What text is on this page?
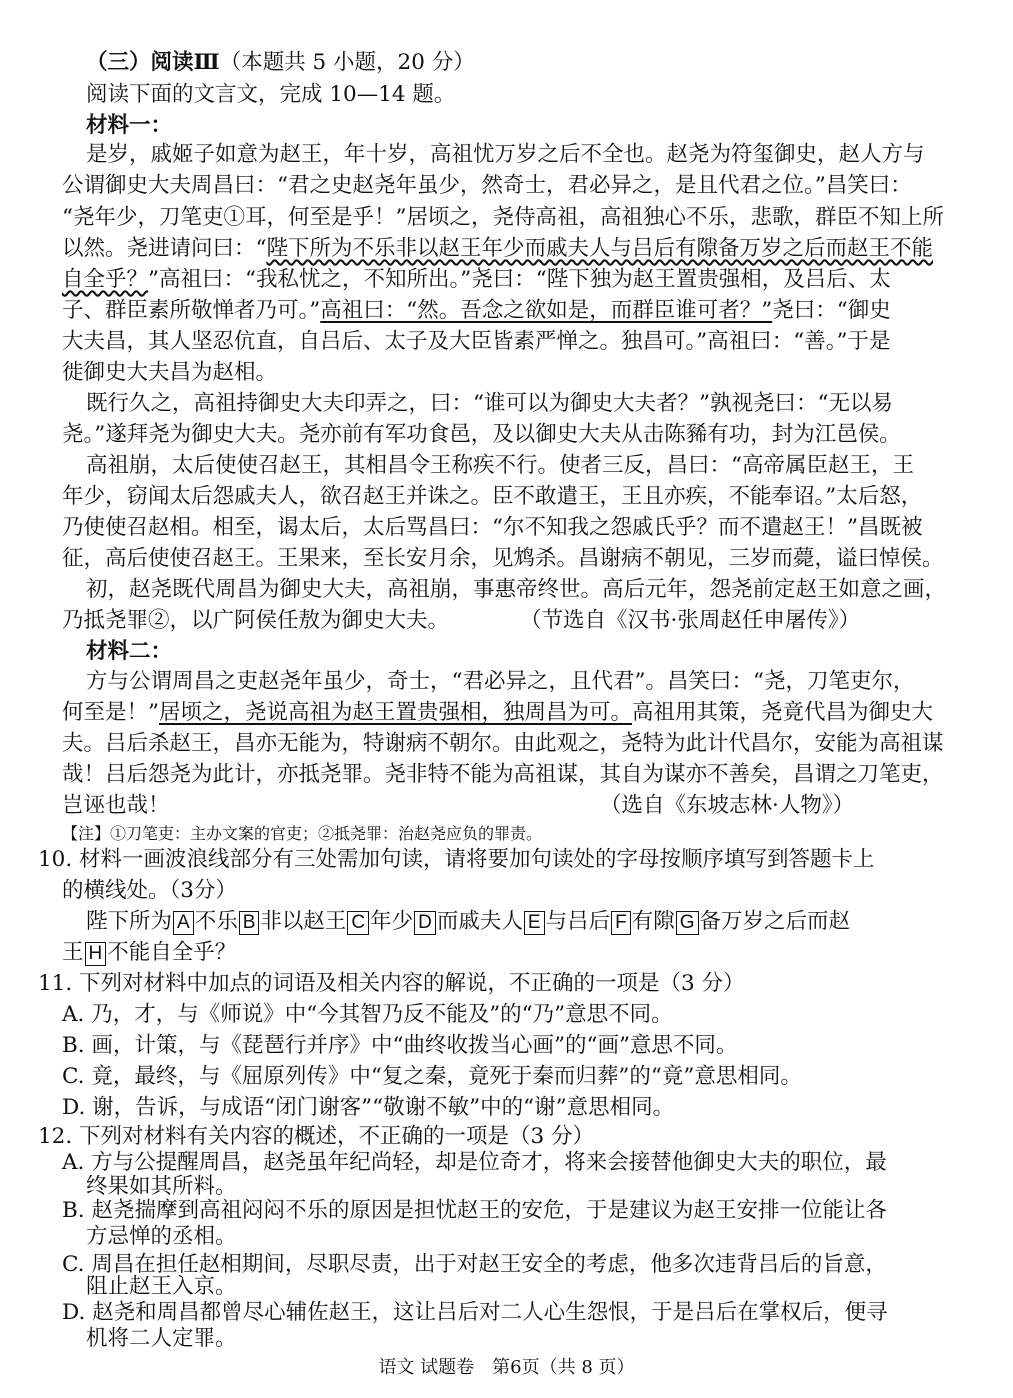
（三）阅读Ⅲ（本题共 5 小题，20 分）
阅读下面的文言文，完成 10—14 题。
材料一：
是岁，戚姬子如意为赵王，年十岁，高祖忧万岁之后不全也。赵尧为符玺御史，赵人方与
公谓御史大夫周昌曰：“君之史赵尧年虽少，然奇士，君必异之，是且代君之位。”昌笑曰：
“尧年少，刀笔吏①耳，何至是乎！”居顷之，尧侍高祖，高祖独心不乐，悲歌，群臣不知上所
以然。尧进请问曰：“陛下所为不乐非以赵王年少而戚夫人与吕后有隙备万岁之后而赵王不能
自全乎？”高祖曰：“我私忧之，不知所出。”尧曰：“陛下独为赵王置贵强相，及吕后、太
子、群臣素所敬惮者乃可。”高祖曰：“然。吾念之欲如是，而群臣谁可者？”尧曰：“御史
大夫昌，其人坚忍伉直，自吕后、太子及大臣皆素严惮之。独昌可。”高祖曰：“善。”于是
徙御史大夫昌为赵相。
既行久之，高祖持御史大夫印弄之，曰：“谁可以为御史大夫者？”孰视尧曰：“无以易
尧。”遂拜尧为御史大夫。尧亦前有军功食邑，及以御史大夫从击陈豨有功，封为江邑侯。
高祖崩，太后使使召赵王，其相昌令王称疾不行。使者三反，昌曰：“高帝属臣赵王，王
年少，窃闻太后怨戚夫人，欲召赵王并诛之。臣不敢遣王，王且亦疾，不能奉诏。”太后怒，
乃使使召赵相。相至，谒太后，太后骂昌曰：“尔不知我之怨戚氏乎？而不遣赵王！”昌既被
征，高后使使召赵王。王果来，至长安月余，见鸩杀。昌谢病不朝见，三岁而薨，谥曰悼侯。
初，赵尧既代周昌为御史大夫，高祖崩，事惠帝终世。高后元年，怨尧前定赵王如意之画，
乃抵尧罪②，以广阿侯任敖为御史大夫。	（节选自《汉书·张周赵任申屠传》）
材料二：
方与公谓周昌之吏赵尧年虽少，奇士，“君必异之，且代君”。昌笑曰：“尧，刀笔吏尔，
何至是！”居顷之，尧说高祖为赵王置贵强相，独周昌为可。高祖用其策，尧竟代昌为御史大
夫。吕后杀赵王，昌亦无能为，特谢病不朝尔。由此观之，尧特为此计代昌尔，安能为高祖谋
哉！吕后怨尧为此计，亦抵尧罪。尧非特不能为高祖谋，其自为谋亦不善矣，昌谓之刀笔吏，
岂诬也哉！	（选自《东坡志林·人物》）
【注】①刀笔吏：主办文案的官吏；②抵尧罪：治赵尧应负的罪责。
10. 材料一画波浪线部分有三处需加句读，请将要加句读处的字母按顺序填写到答题卡上
的横线处。（3分）
陛下所为 A 不乐 B 非以赵王 C 年少 D 而戚夫人 E 与吕后 F 有隙 G 备万岁之后而赵
王 H 不能自全乎？
11. 下列对材料中加点的词语及相关内容的解说，不正确的一项是（3 分）
A. 乃，才，与《师说》中“今其智乃反不能及”的“乃”意思不同。
B. 画，计策，与《琵琶行并序》中“曲终收拨当心画”的“画”意思不同。
C. 竟，最终，与《屈原列传》中“复之秦，竟死于秦而归葬”的“竟”意思相同。
D. 谢，告诉，与成语“闭门谢客”“敬谢不敏”中的“谢”意思相同。
12. 下列对材料有关内容的概述，不正确的一项是（3 分）
A. 方与公提醒周昌，赵尧虽年纪尚轻，却是位奇才，将来会接替他御史大夫的职位，最
终果如其所料。
B. 赵尧揣摩到高祖闷闷不乐的原因是担忧赵王的安危，于是建议为赵王安排一位能让各
方忌惮的丞相。
C. 周昌在担任赵相期间，尽职尽责，出于对赵王安全的考虑，他多次违背吕后的旨意，
阻止赵王入京。
语文 试题卷　第6页（共 8 页）
D. 赵尧和周昌都曾尽心辅佐赵王，这让吕后对二人心生怨恨，于是吕后在掌权后，便寻
机将二人定罪。
